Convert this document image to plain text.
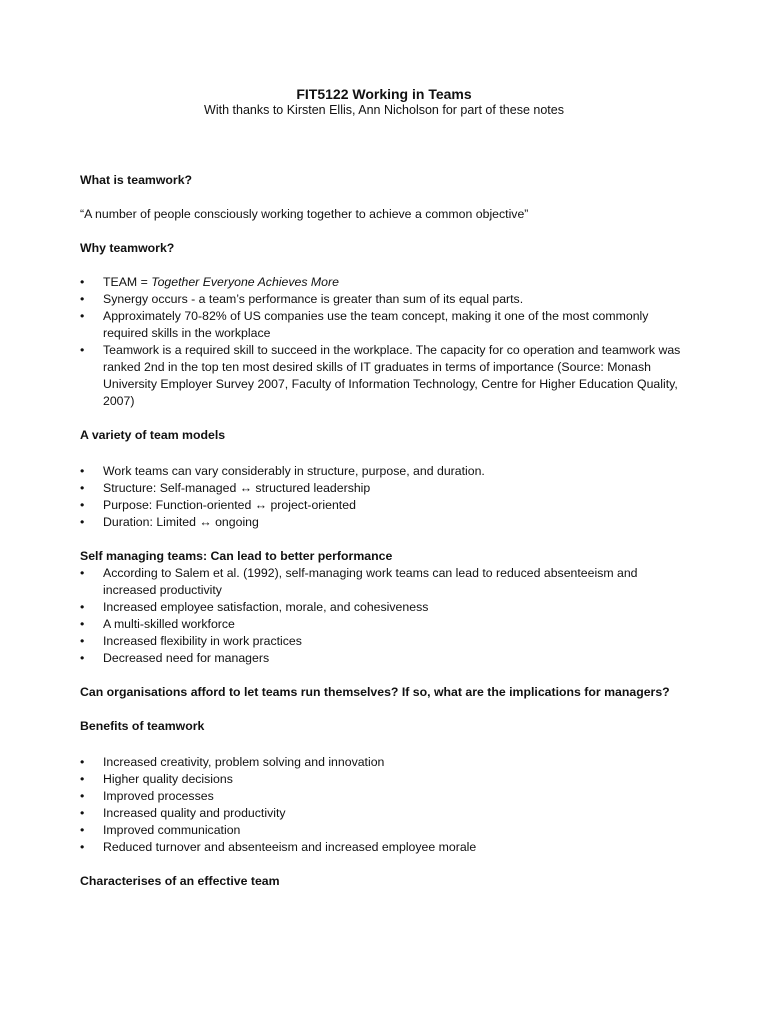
FIT5122 Working in Teams
With thanks to Kirsten Ellis, Ann Nicholson for part of these notes

What is teamwork?

“A number of people consciously working together to achieve a common objective”

Why teamwork?

• TEAM = Together Everyone Achieves More
• Synergy occurs - a team’s performance is greater than sum of its equal parts.
• Approximately 70-82% of US companies use the team concept, making it one of the most commonly required skills in the workplace
• Teamwork is a required skill to succeed in the workplace. The capacity for co operation and teamwork was ranked 2nd in the top ten most desired skills of IT graduates in terms of importance (Source: Monash University Employer Survey 2007, Faculty of Information Technology, Centre for Higher Education Quality, 2007)

A variety of team models

• Work teams can vary considerably in structure, purpose, and duration.
• Structure: Self-managed ↔ structured leadership
• Purpose: Function-oriented ↔ project-oriented
• Duration: Limited ↔ ongoing

Self managing teams: Can lead to better performance

• According to Salem et al. (1992), self-managing work teams can lead to reduced absenteeism and increased productivity
• Increased employee satisfaction, morale, and cohesiveness
• A multi-skilled workforce
• Increased flexibility in work practices
• Decreased need for managers

Can organisations afford to let teams run themselves? If so, what are the implications for managers?

Benefits of teamwork

• Increased creativity, problem solving and innovation
• Higher quality decisions
• Improved processes
• Increased quality and productivity
• Improved communication
• Reduced turnover and absenteeism and increased employee morale

Characterises of an effective team
